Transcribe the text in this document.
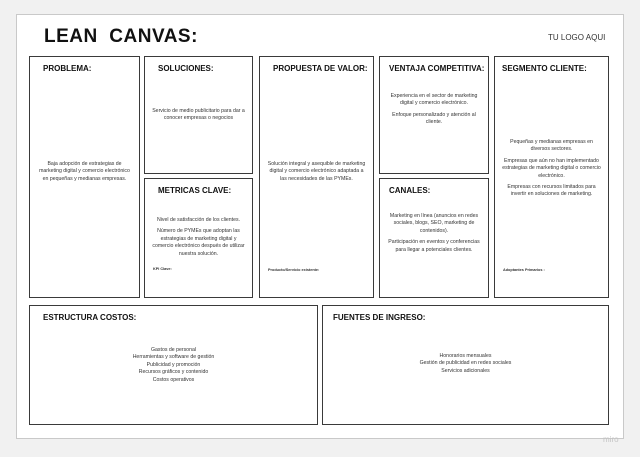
LEAN  CANVAS:	TU LOGO AQUI
PROBLEMA:
Baja adopción de estrategias de marketing digital y comercio electrónico en pequeñas y medianas empresas.
SOLUCIONES:
Servicio de medio publicitario para dar a conocer empresas o negocios
METRICAS CLAVE:

Nivel de satisfacción de los clientes.

Número de PYMEs que adoptan las estrategias de marketing digital y comercio electrónico después de utilizar nuestra solución.

KPI Clave:
PROPUESTA DE VALOR:
Solución integral y asequible de marketing digital y comercio electrónico adaptada a las necesidades de las PYMEs.
Producto/Servicio existente:
VENTAJA COMPETITIVA:

Experiencia en el sector de marketing digital y comercio electrónico.

Enfoque personalizado y atención al cliente.

CANALES:

Marketing en línea (anuncios en redes sociales, blogs, SEO, marketing de contenidos).

Participación en eventos y conferencias para llegar a potenciales clientes.

SEGMENTO CLIENTE:

Pequeñas y medianas empresas en diversos sectores.

Empresas que aún no han implementado estrategias de marketing digital o comercio electrónico.

Empresas con recursos limitados para invertir en soluciones de marketing.

Adoptantes Primarios :
ESTRUCTURA COSTOS:
Gastos de personal
Herramientas y software de gestión
Publicidad y promoción
Recursos gráficos y contenido
Costos operativos
FUENTES DE INGRESO:
Honorarios mensuales
Gestión de publicidad en redes sociales
Servicios adicionales
miro
